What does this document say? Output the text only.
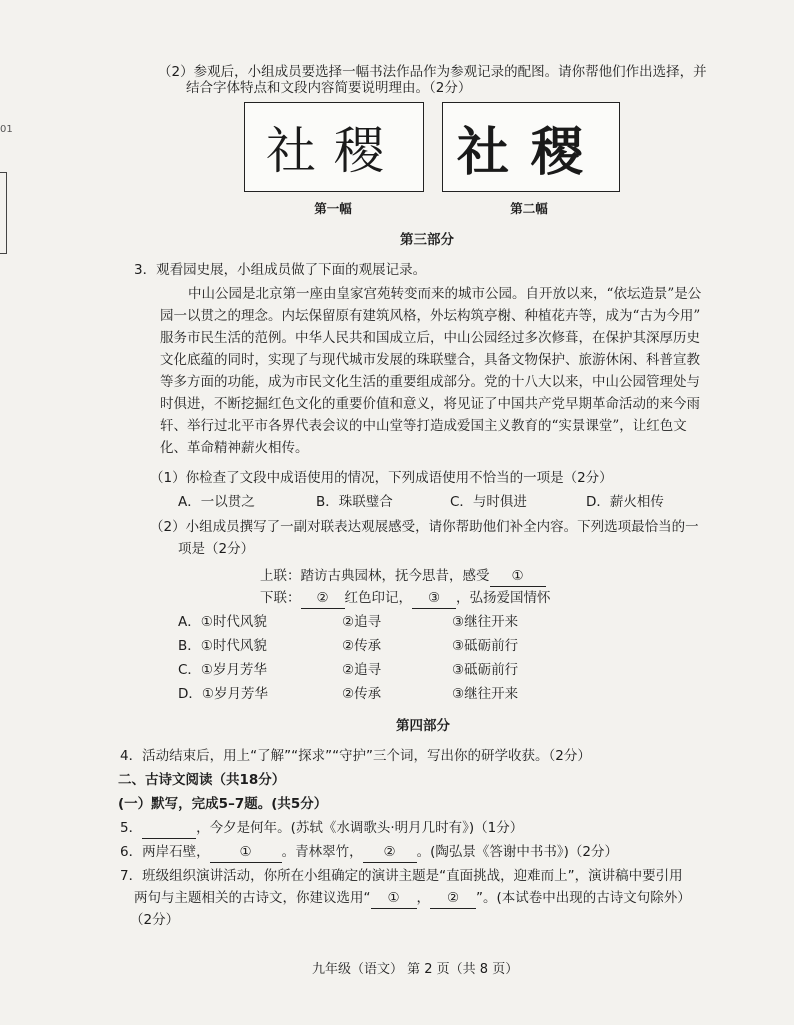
01
（2）参观后，小组成员要选择一幅书法作品作为参观记录的配图。请你帮他们作出选择，并
结合字体特点和文段内容简要说明理由。（2分）
社稷 社稷
第一幅	第二幅
第三部分
3．观看园史展，小组成员做了下面的观展记录。
中山公园是北京第一座由皇家宫苑转变而来的城市公园。自开放以来，“依坛造景”是公
园一以贯之的理念。内坛保留原有建筑风格，外坛构筑亭榭、种植花卉等，成为“古为今用”
服务市民生活的范例。中华人民共和国成立后，中山公园经过多次修葺，在保护其深厚历史
文化底蕴的同时，实现了与现代城市发展的珠联璧合，具备文物保护、旅游休闲、科普宣教
等多方面的功能，成为市民文化生活的重要组成部分。党的十八大以来，中山公园管理处与
时俱进，不断挖掘红色文化的重要价值和意义，将见证了中国共产党早期革命活动的来今雨
轩、举行过北平市各界代表会议的中山堂等打造成爱国主义教育的“实景课堂”，让红色文
化、革命精神薪火相传。
（1）你检查了文段中成语使用的情况，下列成语使用不恰当的一项是（2分）
A．一以贯之	B．珠联璧合	C．与时俱进	D．薪火相传
（2）小组成员撰写了一副对联表达观展感受，请你帮助他们补全内容。下列选项最恰当的一
项是（2分）
上联：踏访古典园林，抚今思昔，感受 ①
下联： ② 红色印记， ③ ，弘扬爱国情怀
A．①时代风貌	②追寻	③继往开来
B．①时代风貌	②传承	③砥砺前行
C．①岁月芳华	②追寻	③砥砺前行
D．①岁月芳华	②传承	③继往开来
第四部分
4．活动结束后，用上“了解”“探求”“守护”三个词，写出你的研学收获。（2分）
二、古诗文阅读（共18分）
(一）默写，完成5–7题。(共5分）
5．	，今夕是何年。(苏轼《水调歌头·明月几时有》)（1分）
6．两岸石壁， ① 。青林翠竹， ② 。(陶弘景《答谢中书书》)（2分）
7．班级组织演讲活动，你所在小组确定的演讲主题是“直面挑战，迎难而上”，演讲稿中要引用
两句与主题相关的古诗文，你建议选用“ ① ， ② ”。(本试卷中出现的古诗文句除外）
（2分）
九年级（语文） 第 2 页（共 8 页）
